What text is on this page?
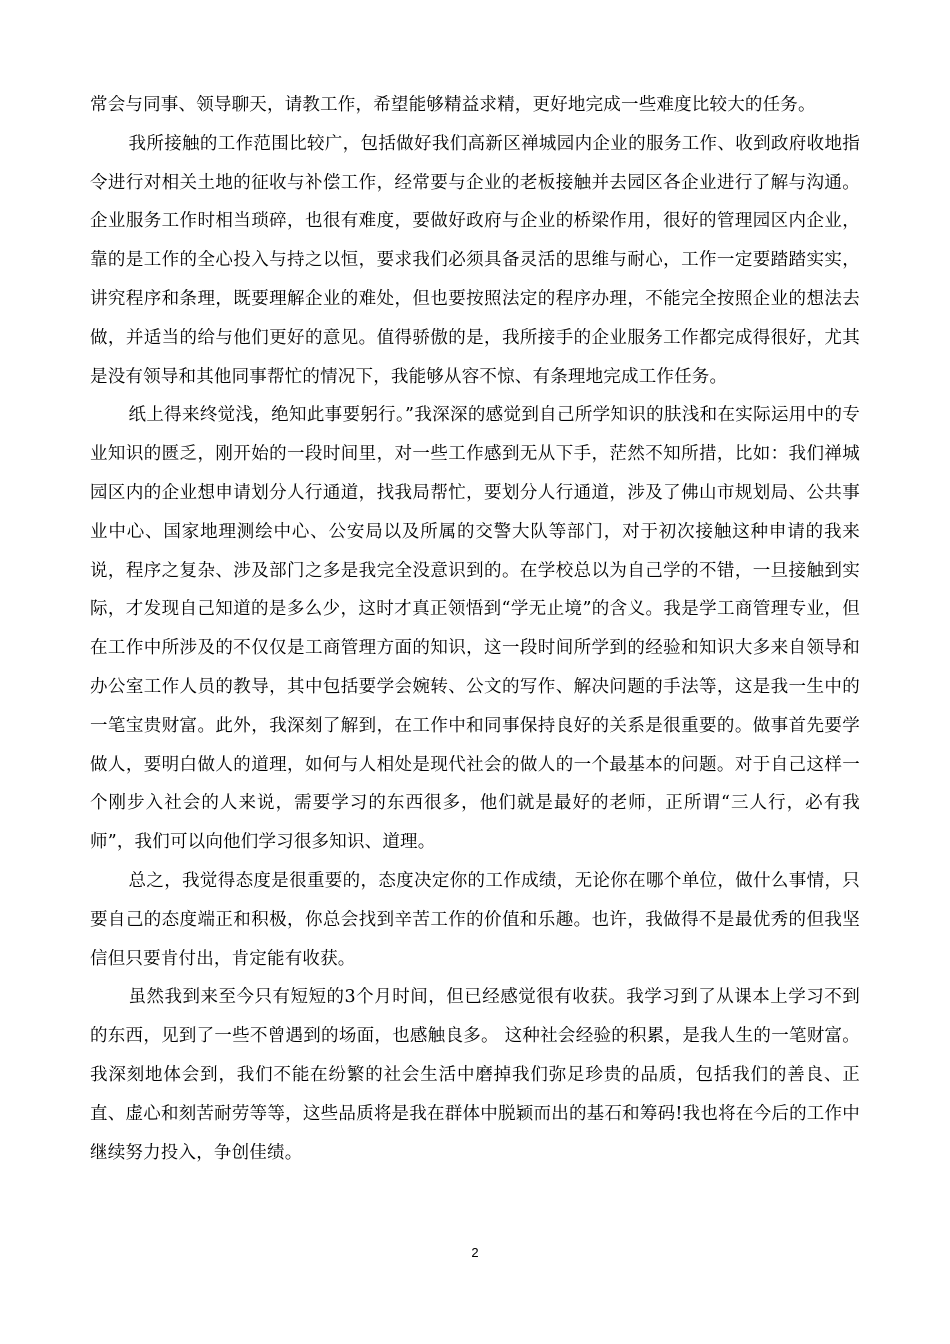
常会与同事、领导聊天，请教工作，希望能够精益求精，更好地完成一些难度比较大的任务。

我所接触的工作范围比较广，包括做好我们高新区禅城园内企业的服务工作、收到政府收地指令进行对相关土地的征收与补偿工作，经常要与企业的老板接触并去园区各企业进行了解与沟通。企业服务工作时相当琐碎，也很有难度，要做好政府与企业的桥梁作用，很好的管理园区内企业，靠的是工作的全心投入与持之以恒，要求我们必须具备灵活的思维与耐心，工作一定要踏踏实实，讲究程序和条理，既要理解企业的难处，但也要按照法定的程序办理，不能完全按照企业的想法去做，并适当的给与他们更好的意见。值得骄傲的是，我所接手的企业服务工作都完成得很好，尤其是没有领导和其他同事帮忙的情况下，我能够从容不惊、有条理地完成工作任务。

纸上得来终觉浅，绝知此事要躬行。”我深深的感觉到自己所学知识的肤浅和在实际运用中的专业知识的匮乏，刚开始的一段时间里，对一些工作感到无从下手，茫然不知所措，比如：我们禅城园区内的企业想申请划分人行通道，找我局帮忙，要划分人行通道，涉及了佛山市规划局、公共事业中心、国家地理测绘中心、公安局以及所属的交警大队等部门，对于初次接触这种申请的我来说，程序之复杂、涉及部门之多是我完全没意识到的。在学校总以为自己学的不错，一旦接触到实际，才发现自己知道的是多么少，这时才真正领悟到“学无止境”的含义。我是学工商管理专业，但在工作中所涉及的不仅仅是工商管理方面的知识，这一段时间所学到的经验和知识大多来自领导和办公室工作人员的教导，其中包括要学会婉转、公文的写作、解决问题的手法等，这是我一生中的一笔宝贵财富。此外，我深刻了解到，在工作中和同事保持良好的关系是很重要的。做事首先要学做人，要明白做人的道理，如何与人相处是现代社会的做人的一个最基本的问题。对于自己这样一个刚步入社会的人来说，需要学习的东西很多，他们就是最好的老师，正所谓“三人行，必有我师”，我们可以向他们学习很多知识、道理。

总之，我觉得态度是很重要的，态度决定你的工作成绩，无论你在哪个单位，做什么事情，只要自己的态度端正和积极，你总会找到辛苦工作的价值和乐趣。也许，我做得不是最优秀的但我坚信但只要肯付出，肯定能有收获。

虽然我到来至今只有短短的3个月时间，但已经感觉很有收获。我学习到了从课本上学习不到的东西，见到了一些不曾遇到的场面，也感触良多。 这种社会经验的积累，是我人生的一笔财富。我深刻地体会到，我们不能在纷繁的社会生活中磨掉我们弥足珍贵的品质，包括我们的善良、正直、虚心和刻苦耐劳等等，这些品质将是我在群体中脱颖而出的基石和筹码!我也将在今后的工作中继续努力投入，争创佳绩。

2
